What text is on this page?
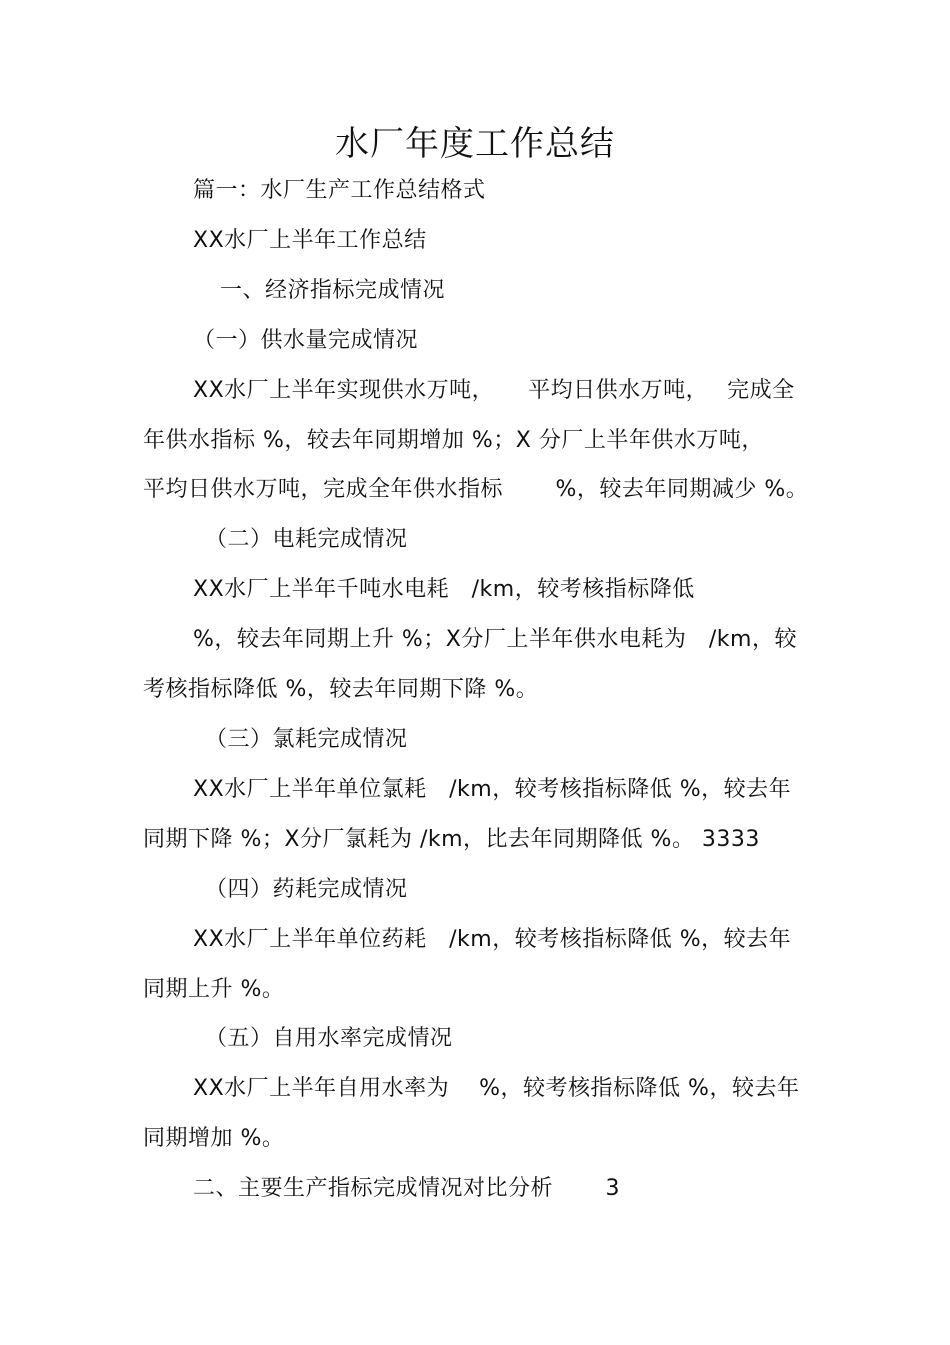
水厂年度工作总结
篇一：水厂生产工作总结格式
XX水厂上半年工作总结
一、经济指标完成情况
（一）供水量完成情况
XX水厂上半年实现供水万吨，　　平均日供水万吨，　 完成全
年供水指标 %，较去年同期增加 %；X 分厂上半年供水万吨，
平均日供水万吨，完成全年供水指标　　 %，较去年同期减少 %。
（二）电耗完成情况
XX水厂上半年千吨水电耗　/km，较考核指标降低
%，较去年同期上升 %；X分厂上半年供水电耗为　/km，较
考核指标降低 %，较去年同期下降 %。
（三）氯耗完成情况
XX水厂上半年单位氯耗　/km，较考核指标降低 %，较去年
同期下降 %；X分厂氯耗为 /km，比去年同期降低 %。 3333
（四）药耗完成情况
XX水厂上半年单位药耗　/km，较考核指标降低 %，较去年
同期上升 %。
（五）自用水率完成情况
XX水厂上半年自用水率为　 %，较考核指标降低 %，较去年
同期增加 %。
二、主要生产指标完成情况对比分析　　 3
